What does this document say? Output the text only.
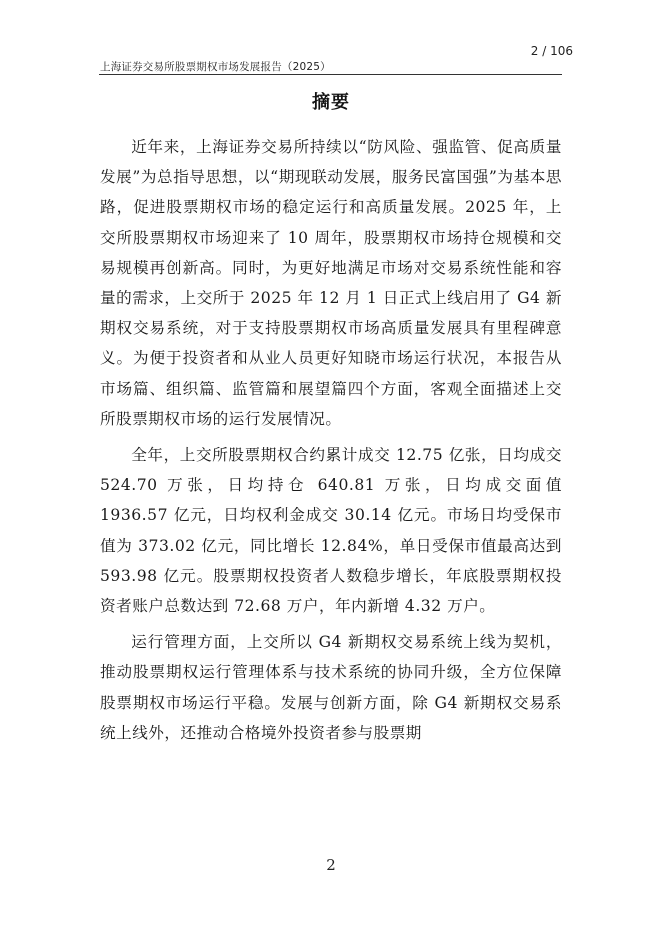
2 / 106
上海证券交易所股票期权市场发展报告（2025）
摘要

近年来，上海证券交易所持续以“防风险、强监管、促高质量发展”为总指导思想，以“期现联动发展，服务民富国强”为基本思路，促进股票期权市场的稳定运行和高质量发展。2025 年，上交所股票期权市场迎来了 10 周年，股票期权市场持仓规模和交易规模再创新高。同时，为更好地满足市场对交易系统性能和容量的需求，上交所于 2025 年 12 月 1 日正式上线启用了 G4 新期权交易系统，对于支持股票期权市场高质量发展具有里程碑意义。为便于投资者和从业人员更好知晓市场运行状况，本报告从市场篇、组织篇、监管篇和展望篇四个方面，客观全面描述上交所股票期权市场的运行发展情况。

全年，上交所股票期权合约累计成交 12.75 亿张，日均成交 524.70 万张，日均持仓 640.81 万张，日均成交面值 1936.57 亿元，日均权利金成交 30.14 亿元。市场日均受保市值为 373.02 亿元，同比增长 12.84%，单日受保市值最高达到 593.98 亿元。股票期权投资者人数稳步增长，年底股票期权投资者账户总数达到 72.68 万户，年内新增 4.32 万户。

运行管理方面，上交所以 G4 新期权交易系统上线为契机，推动股票期权运行管理体系与技术系统的协同升级，全方位保障股票期权市场运行平稳。发展与创新方面，除 G4 新期权交易系统上线外，还推动合格境外投资者参与股票期

2
